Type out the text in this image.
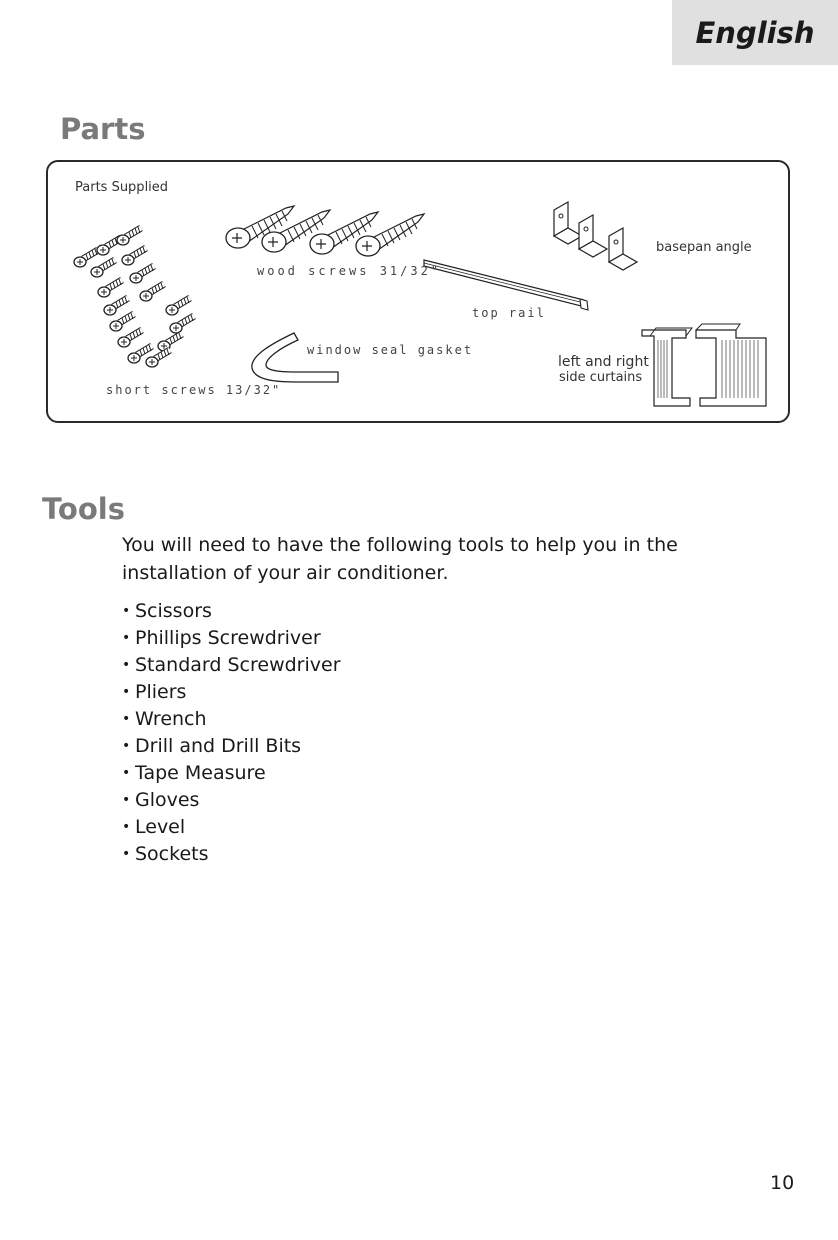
English
Parts
Parts Supplied
wood screws 31/32"
basepan angle
top rail
window seal gasket
left and right
side curtains
short screws 13/32"
Tools

You will need to have the following tools to help you in the installation of your air conditioner.

• Scissors
• Phillips Screwdriver
• Standard Screwdriver
• Pliers
• Wrench
• Drill and Drill Bits
• Tape Measure
• Gloves
• Level
• Sockets
10
